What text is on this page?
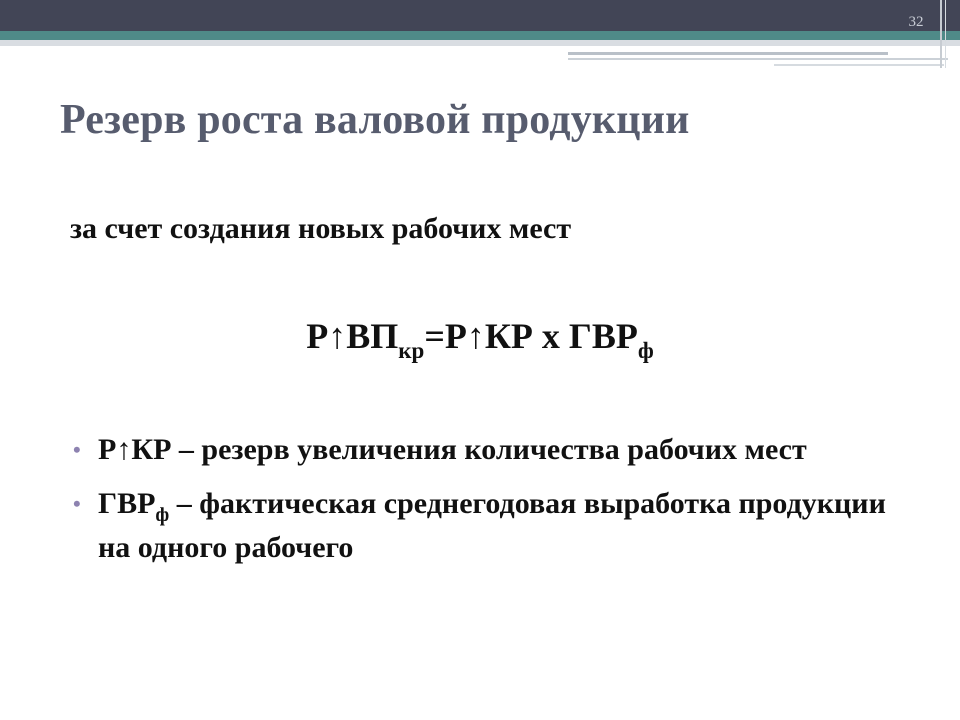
32
Резерв роста валовой продукции

за счет создания новых рабочих мест

$Р↑ВП_{кр}=Р↑КР$ х $ГВР_ф$
• Р↑КР – резерв увеличения количества рабочих мест
• $ГВР_ф$ – фактическая среднегодовая выработка продукции на одного рабочего
